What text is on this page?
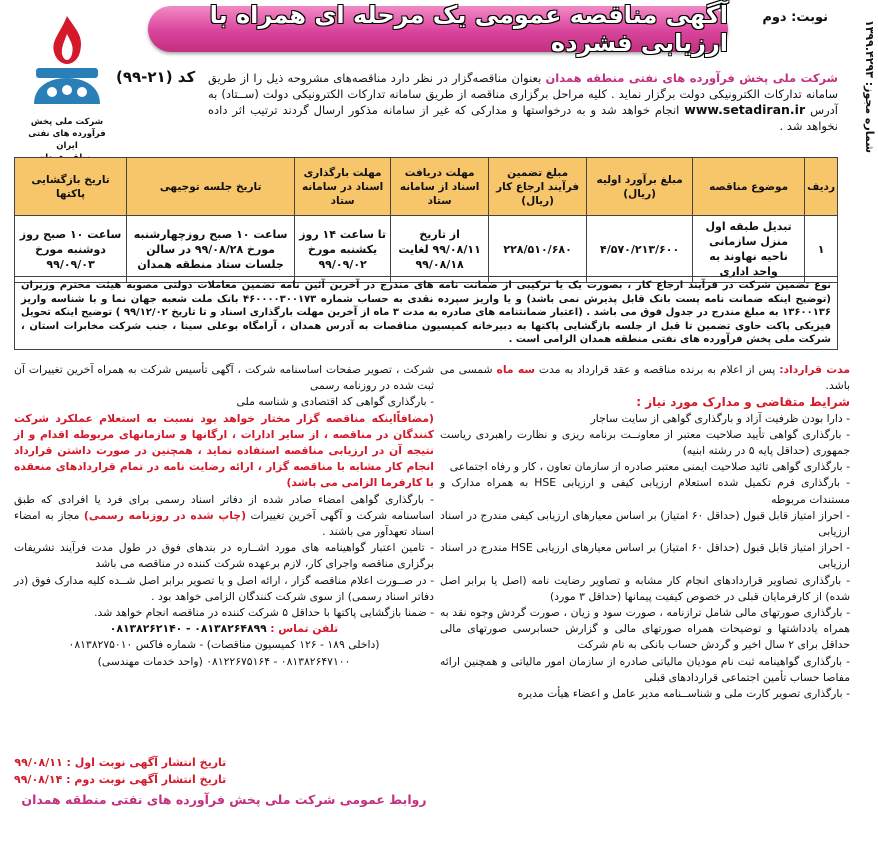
آگهی مناقصه عمومی یک مرحله ای همراه با ارزیابی فشرده
نوبت: دوم
شماره مجوز: ۱۳۹۹.۴۲۹۳
شرکت ملی پخش فرآورده های نفتی ایران
کد (۲۱-۹۹)	شرکت ملی پخش فرآورده های نفتی منطقه همدان بعنوان مناقصه‌گزار در نظر دارد مناقصه‌های مشروحه ذیل را از طریق سامانه تدارکات الکترونیکی دولت برگزار نماید . کلیه مراحل برگزاری مناقصه از طریق سامانه تدارکات الکترونیکی دولت (ســتاد) به آدرس www.setadiran.ir انجام خواهد شد و به درخواستها و مدارکی که غیر از سامانه مذکور ارسال گردند ترتیب اثر داده نخواهد شد .
ردیف	موضوع مناقصه	مبلغ برآورد اولیه (ریال)	مبلغ تضمین فرآیند ارجاع کار (ریال)	مهلت دریافت اسناد از سامانه ستاد	مهلت بارگذاری اسناد در سامانه ستاد	تاریخ جلسه توجیهی	تاریخ بازگشایی پاکتها
۱	تبدیل طبقه اول منزل سازمانی ناحیه نهاوند به واحد اداری	۴/۵۷۰/۲۱۳/۶۰۰	۲۲۸/۵۱۰/۶۸۰	از تاریخ ۹۹/۰۸/۱۱ لغایت ۹۹/۰۸/۱۸	تا ساعت ۱۴ روز یکشنبه مورخ ۹۹/۰۹/۰۲	ساعت ۱۰ صبح روزچهارشنبه مورخ ۹۹/۰۸/۲۸ در سالن جلسات ستاد منطقه همدان	ساعت ۱۰ صبح روز دوشنبه مورخ ۹۹/۰۹/۰۳
نوع تضمین شرکت در فرآیند ارجاع کار ، بصورت یک یا ترکیبی از ضمانت نامه های مندرج در آخرین آئین نامه تضمین معاملات دولتی مصوبه هیئت محترم وزیران (توضیح اینکه ضمانت نامه پست بانک قابل پذیرش نمی باشد) و یا واریز سپرده نقدی به حساب شماره ۴۶۰۰۰۰۳۰۰۱۷۳ بانک ملت شعبه جهان نما و با شناسه واریز ۱۳۶۰۰۱۳۶ به مبلغ مندرج در جدول فوق می باشد . (اعتبار ضمانتنامه های صادره به مدت ۳ ماه از آخرین مهلت بارگذاری اسناد و تا تاریخ ۹۹/۱۲/۰۲ ) توضیح اینکه تحویل فیزیکی پاکت حاوی تضمین تا قبل از جلسه بازگشایی پاکتها به دبیرخانه کمیسیون مناقصات به آدرس همدان ، آرامگاه بوعلی سینا ، جنب شرکت مخابرات استان ، شرکت ملی پخش فرآورده های نفتی منطقه همدان الزامی است .
مدت قرارداد: پس از اعلام به برنده مناقصه و عقد قرارداد به مدت سه ماه شمسی می باشد.
شرایط متقاضی و مدارک مورد نیاز :
- دارا بودن ظرفیت آزاد و بارگذاری گواهی از سایت ساجار
- بارگذاری گواهی تأیید صلاحیت معتبر از معاونــت برنامه ریزی و نظارت راهبردی ریاست جمهوری (حداقل پایه ۵ در رشته ابنیه)
- بارگذاری گواهی تائید صلاحیت ایمنی معتبر صادره از سازمان تعاون ، کار و رفاه اجتماعی
- بارگذاری فرم تکمیل شده استعلام ارزیابی کیفی و ارزیابی HSE به همراه مدارک و مستندات مربوطه
- احراز امتیاز قابل قبول (حداقل ۶۰ امتیاز) بر اساس معیارهای ارزیابی کیفی مندرج در اسناد ارزیابی
- احراز امتیاز قابل قبول (حداقل ۶۰ امتیاز) بر اساس معیارهای ارزیابی HSE مندرج در اسناد ارزیابی
- بارگذاری تصاویر قراردادهای انجام کار مشابه و تصاویر رضایت نامه (اصل یا برابر اصل شده) از کارفرمایان قبلی در خصوص کیفیت پیمانها (حداقل ۳ مورد)
- بارگذاری صورتهای مالی شامل ترازنامه ، صورت سود و زیان ، صورت گردش وجوه نقد به همراه یادداشتها و توضیحات همراه صورتهای مالی و گزارش حسابرسی صورتهای مالی حداقل برای ۲ سال اخیر و گردش حساب بانکی به نام شرکت
- بارگذاری گواهینامه ثبت نام مودیان مالیاتی صادره از سازمان امور مالیاتی و همچنین ارائه مفاصا حساب تأمین اجتماعی قراردادهای قبلی
- بارگذاری تصویر کارت ملی و شناســنامه مدیر عامل و اعضاء هیأت مدیره
شرکت ، تصویر صفحات اساسنامه شرکت ، آگهی تأسیس شرکت به همراه آخرین تغییرات آن ثبت شده در روزنامه رسمی
- بارگذاری گواهی کد اقتصادی و شناسه ملی
(مضافاًاینکه مناقصه گزار مختار خواهد بود نسبت به استعلام عملکرد شرکت کنندگان در مناقصه ، از سایر ادارات ، ارگانها و سازمانهای مربوطه اقدام و از نتیجه آن در ارزیابی مناقصه استفاده نماید ، همچنین در صورت داشتن قرارداد انجام کار مشابه با مناقصه گزار ، ارائه رضایت نامه در تمام قراردادهای منعقده با کارفرما الزامی می باشد)
- بارگذاری گواهی امضاء صادر شده از دفاتر اسناد رسمی برای فرد یا افرادی که طبق اساسنامه شرکت و آگهی آخرین تغییرات (چاپ شده در روزنامه رسمی) مجاز به امضاء اسناد تعهدآور می باشند .
- تامین اعتبار گواهینامه های مورد اشــاره در بندهای فوق در طول مدت فرآیند تشریفات برگزاری مناقصه واجرای کار، لازم برعهده شرکت کننده در مناقصه می باشد
- در صــورت اعلام مناقصه گزار ، ارائه اصل و یا تصویر برابر اصل شــده کلیه مدارک فوق (در دفاتر اسناد رسمی) از سوی شرکت کنندگان الزامی خواهد بود .
- ضمنا بازگشایی پاکتها با حداقل ۵ شرکت کننده در مناقصه انجام خواهد شد.
تلفن تماس : ۰۸۱۳۸۲۶۴۸۹۹ - ۰۸۱۳۸۲۶۲۱۴۰
(داخلی ۱۸۹ - ۱۲۶ کمیسیون مناقصات) - شماره فاکس ۰۸۱۳۸۲۷۵۰۱۰
۰۸۱۳۸۲۶۴۷۱۰۰ - ۰۸۱۲۲۶۷۵۱۶۴ (واحد خدمات مهندسی)
تاریخ انتشار آگهی نوبت اول : ۹۹/۰۸/۱۱
تاریخ انتشار آگهی نوبت دوم : ۹۹/۰۸/۱۴
روابط عمومی شرکت ملی پخش فرآورده های نفتی منطقه همدان
